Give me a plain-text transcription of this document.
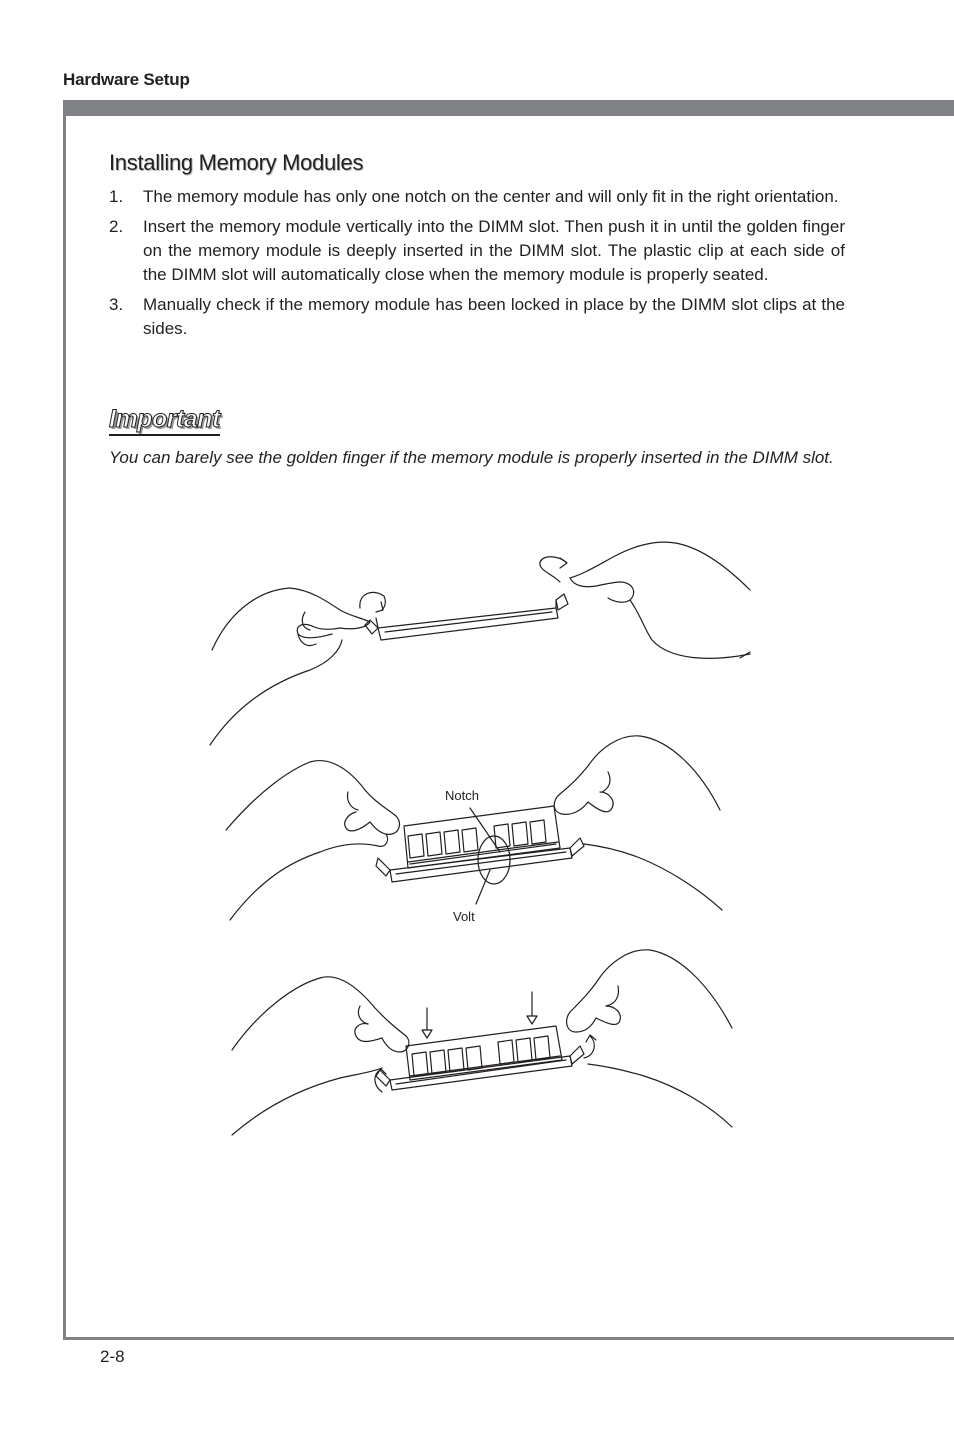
Hardware Setup
Installing Memory Modules
1. The memory module has only one notch on the center and will only fit in the right orientation.
2. Insert the memory module vertically into the DIMM slot. Then push it in until the golden finger on the memory module is deeply inserted in the DIMM slot. The plastic clip at each side of the DIMM slot will automatically close when the memory module is properly seated.
3. Manually check if the memory module has been locked in place by the DIMM slot clips at the sides.
Important

You can barely see the golden finger if the memory module is properly inserted in the DIMM slot.

Notch
Volt
2-8
